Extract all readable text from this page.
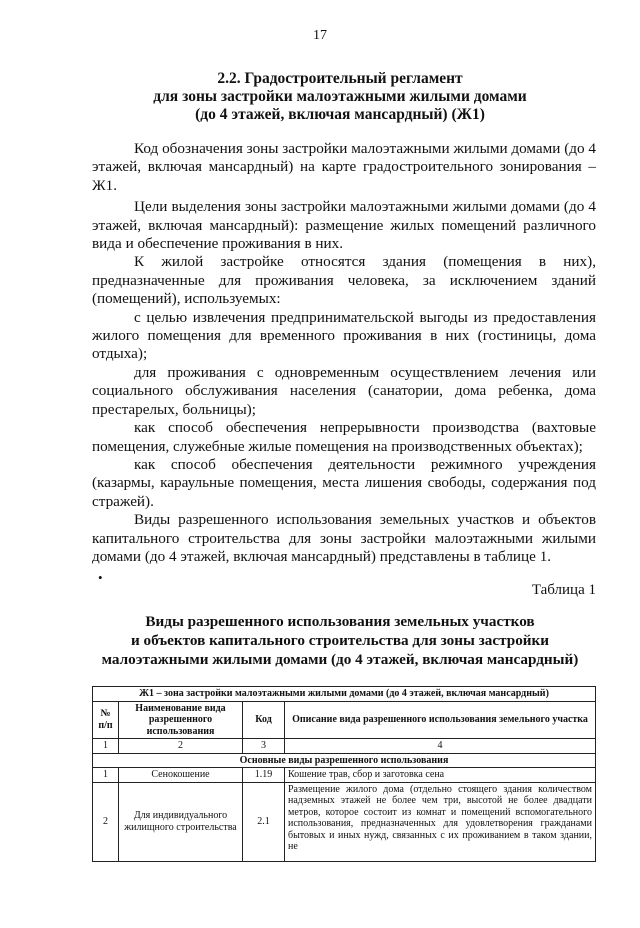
17
2.2. Градостроительный регламент
для зоны застройки малоэтажными жилыми домами
(до 4 этажей, включая мансардный) (Ж1)

Код обозначения зоны застройки малоэтажными жилыми домами (до 4 этажей, включая мансардный) на карте градостроительного зонирования – Ж1.

Цели выделения зоны застройки малоэтажными жилыми домами (до 4 этажей, включая мансардный): размещение жилых помещений различного вида и обеспечение проживания в них.

К жилой застройке относятся здания (помещения в них), предназначенные для проживания человека, за исключением зданий (помещений), используемых:

с целью извлечения предпринимательской выгоды из предоставления жилого помещения для временного проживания в них (гостиницы, дома отдыха);

для проживания с одновременным осуществлением лечения или социального обслуживания населения (санатории, дома ребенка, дома престарелых, больницы);

как способ обеспечения непрерывности производства (вахтовые помещения, служебные жилые помещения на производственных объектах);

как способ обеспечения деятельности режимного учреждения (казармы, караульные помещения, места лишения свободы, содержания под стражей).

Виды разрешенного использования земельных участков и объектов капитального строительства для зоны застройки малоэтажными жилыми домами (до 4 этажей, включая мансардный) представлены в таблице 1.

•
Таблица 1
Виды разрешенного использования земельных участков
и объектов капитального строительства для зоны застройки
малоэтажными жилыми домами (до 4 этажей, включая мансардный)
Ж1 – зона застройки малоэтажными жилыми домами (до 4 этажей, включая мансардный)			
№ п/п	Наименование вида разрешенного использования	Код	Описание вида разрешенного использования земельного участка
1	2	3	4
Основные виды разрешенного использования			
1	Сенокошение	1.19	Кошение трав, сбор и заготовка сена
2	Для индивидуального жилищного строительства	2.1	Размещение жилого дома (отдельно стоящего здания количеством надземных этажей не более чем три, высотой не более двадцати метров, которое состоит из комнат и помещений вспомогательного использования, предназначенных для удовлетворения гражданами бытовых и иных нужд, связанных с их проживанием в таком здании, не
